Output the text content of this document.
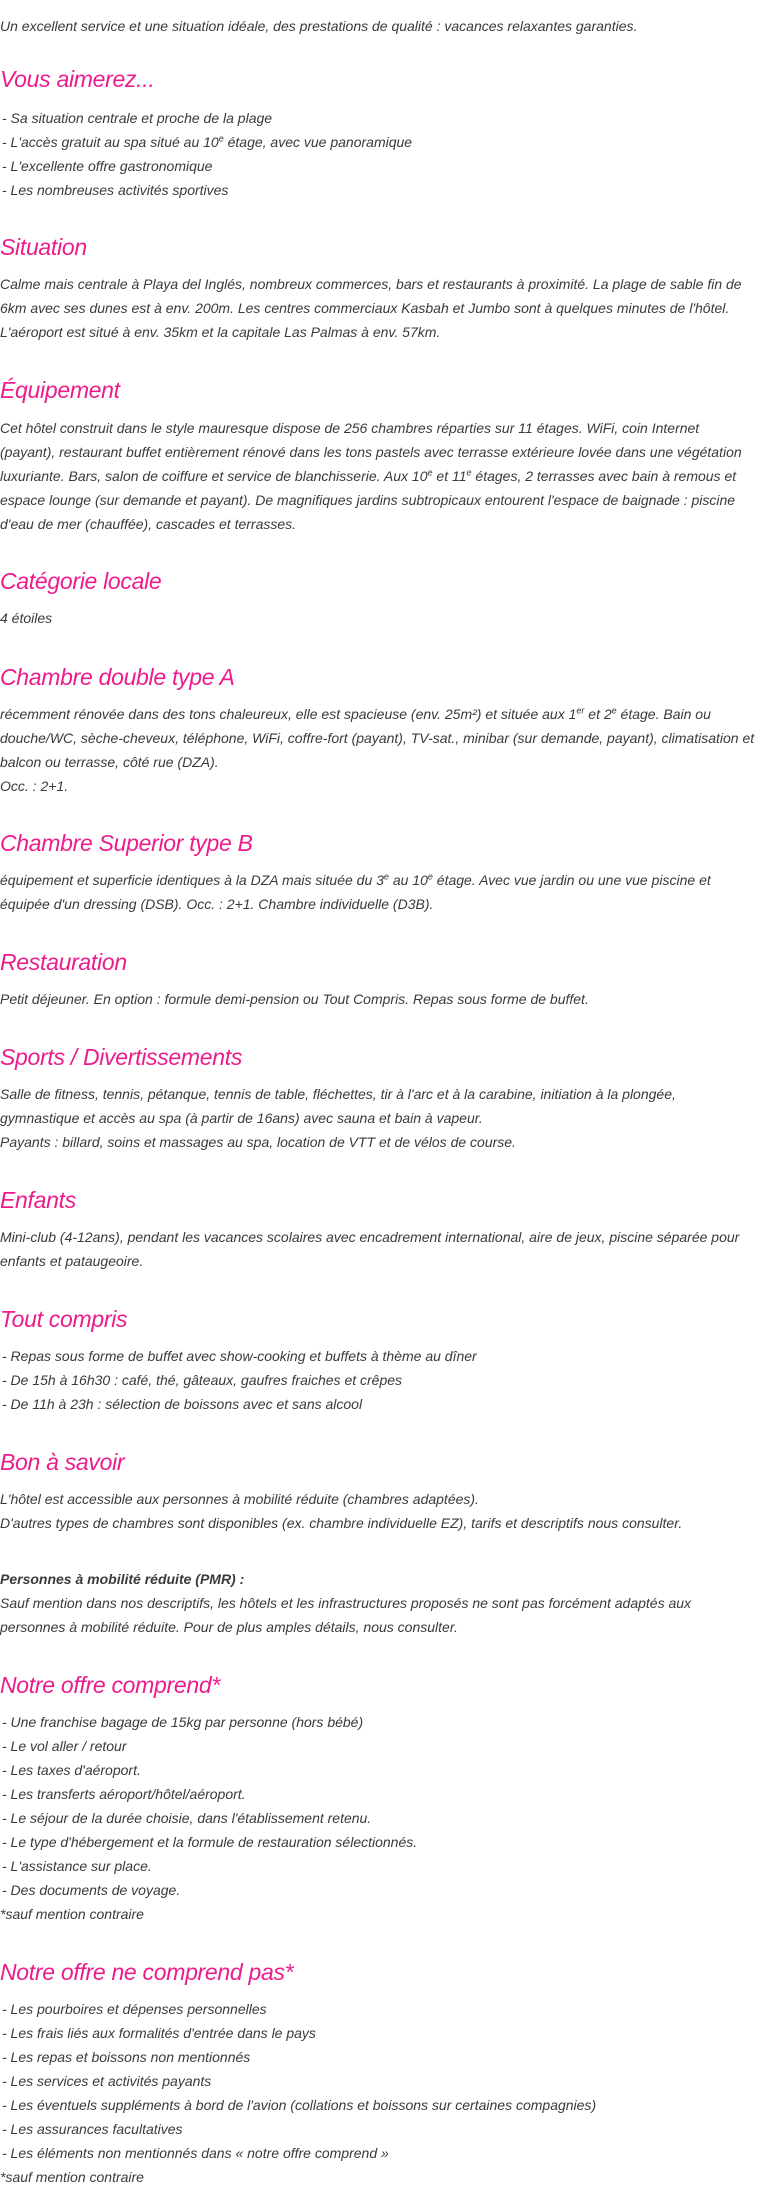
Un excellent service et une situation idéale, des prestations de qualité : vacances relaxantes garanties.

Vous aimerez...
- Sa situation centrale et proche de la plage
- L'accès gratuit au spa situé au 10e étage, avec vue panoramique
- L'excellente offre gastronomique
- Les nombreuses activités sportives
Situation

Calme mais centrale à Playa del Inglés, nombreux commerces, bars et restaurants à proximité. La plage de sable fin de 6km avec ses dunes est à env. 200m. Les centres commerciaux Kasbah et Jumbo sont à quelques minutes de l'hôtel. L'aéroport est situé à env. 35km et la capitale Las Palmas à env. 57km.

Équipement

Cet hôtel construit dans le style mauresque dispose de 256 chambres réparties sur 11 étages. WiFi, coin Internet (payant), restaurant buffet entièrement rénové dans les tons pastels avec terrasse extérieure lovée dans une végétation luxuriante. Bars, salon de coiffure et service de blanchisserie. Aux 10e et 11e étages, 2 terrasses avec bain à remous et espace lounge (sur demande et payant). De magnifiques jardins subtropicaux entourent l'espace de baignade : piscine d'eau de mer (chauffée), cascades et terrasses.

Catégorie locale

4 étoiles

Chambre double type A

récemment rénovée dans des tons chaleureux, elle est spacieuse (env. 25m²) et située aux 1er et 2e étage. Bain ou douche/WC, sèche-cheveux, téléphone, WiFi, coffre-fort (payant), TV-sat., minibar (sur demande, payant), climatisation et balcon ou terrasse, côté rue (DZA).

Occ. : 2+1.

Chambre Superior type B

équipement et superficie identiques à la DZA mais située du 3e au 10e étage. Avec vue jardin ou une vue piscine et équipée d'un dressing (DSB). Occ. : 2+1. Chambre individuelle (D3B).

Restauration

Petit déjeuner. En option : formule demi-pension ou Tout Compris. Repas sous forme de buffet.

Sports / Divertissements

Salle de fitness, tennis, pétanque, tennis de table, fléchettes, tir à l'arc et à la carabine, initiation à la plongée, gymnastique et accès au spa (à partir de 16ans) avec sauna et bain à vapeur.

Payants : billard, soins et massages au spa, location de VTT et de vélos de course.

Enfants

Mini-club (4-12ans), pendant les vacances scolaires avec encadrement international, aire de jeux, piscine séparée pour enfants et pataugeoire.

Tout compris
- Repas sous forme de buffet avec show-cooking et buffets à thème au dîner
- De 15h à 16h30 : café, thé, gâteaux, gaufres fraiches et crêpes
- De 11h à 23h : sélection de boissons avec et sans alcool
Bon à savoir

L'hôtel est accessible aux personnes à mobilité réduite (chambres adaptées).

D'autres types de chambres sont disponibles (ex. chambre individuelle EZ), tarifs et descriptifs nous consulter.

Personnes à mobilité réduite (PMR) :

Sauf mention dans nos descriptifs, les hôtels et les infrastructures proposés ne sont pas forcément adaptés aux personnes à mobilité réduite. Pour de plus amples détails, nous consulter.

Notre offre comprend*
- Une franchise bagage de 15kg par personne (hors bébé)
- Le vol aller / retour
- Les taxes d'aéroport.
- Les transferts aéroport/hôtel/aéroport.
- Le séjour de la durée choisie, dans l'établissement retenu.
- Le type d'hébergement et la formule de restauration sélectionnés.
- L'assistance sur place.
- Des documents de voyage.

*sauf mention contraire

Notre offre ne comprend pas*
- Les pourboires et dépenses personnelles
- Les frais liés aux formalités d'entrée dans le pays
- Les repas et boissons non mentionnés
- Les services et activités payants
- Les éventuels suppléments à bord de l'avion (collations et boissons sur certaines compagnies)
- Les assurances facultatives
- Les éléments non mentionnés dans « notre offre comprend »

*sauf mention contraire
